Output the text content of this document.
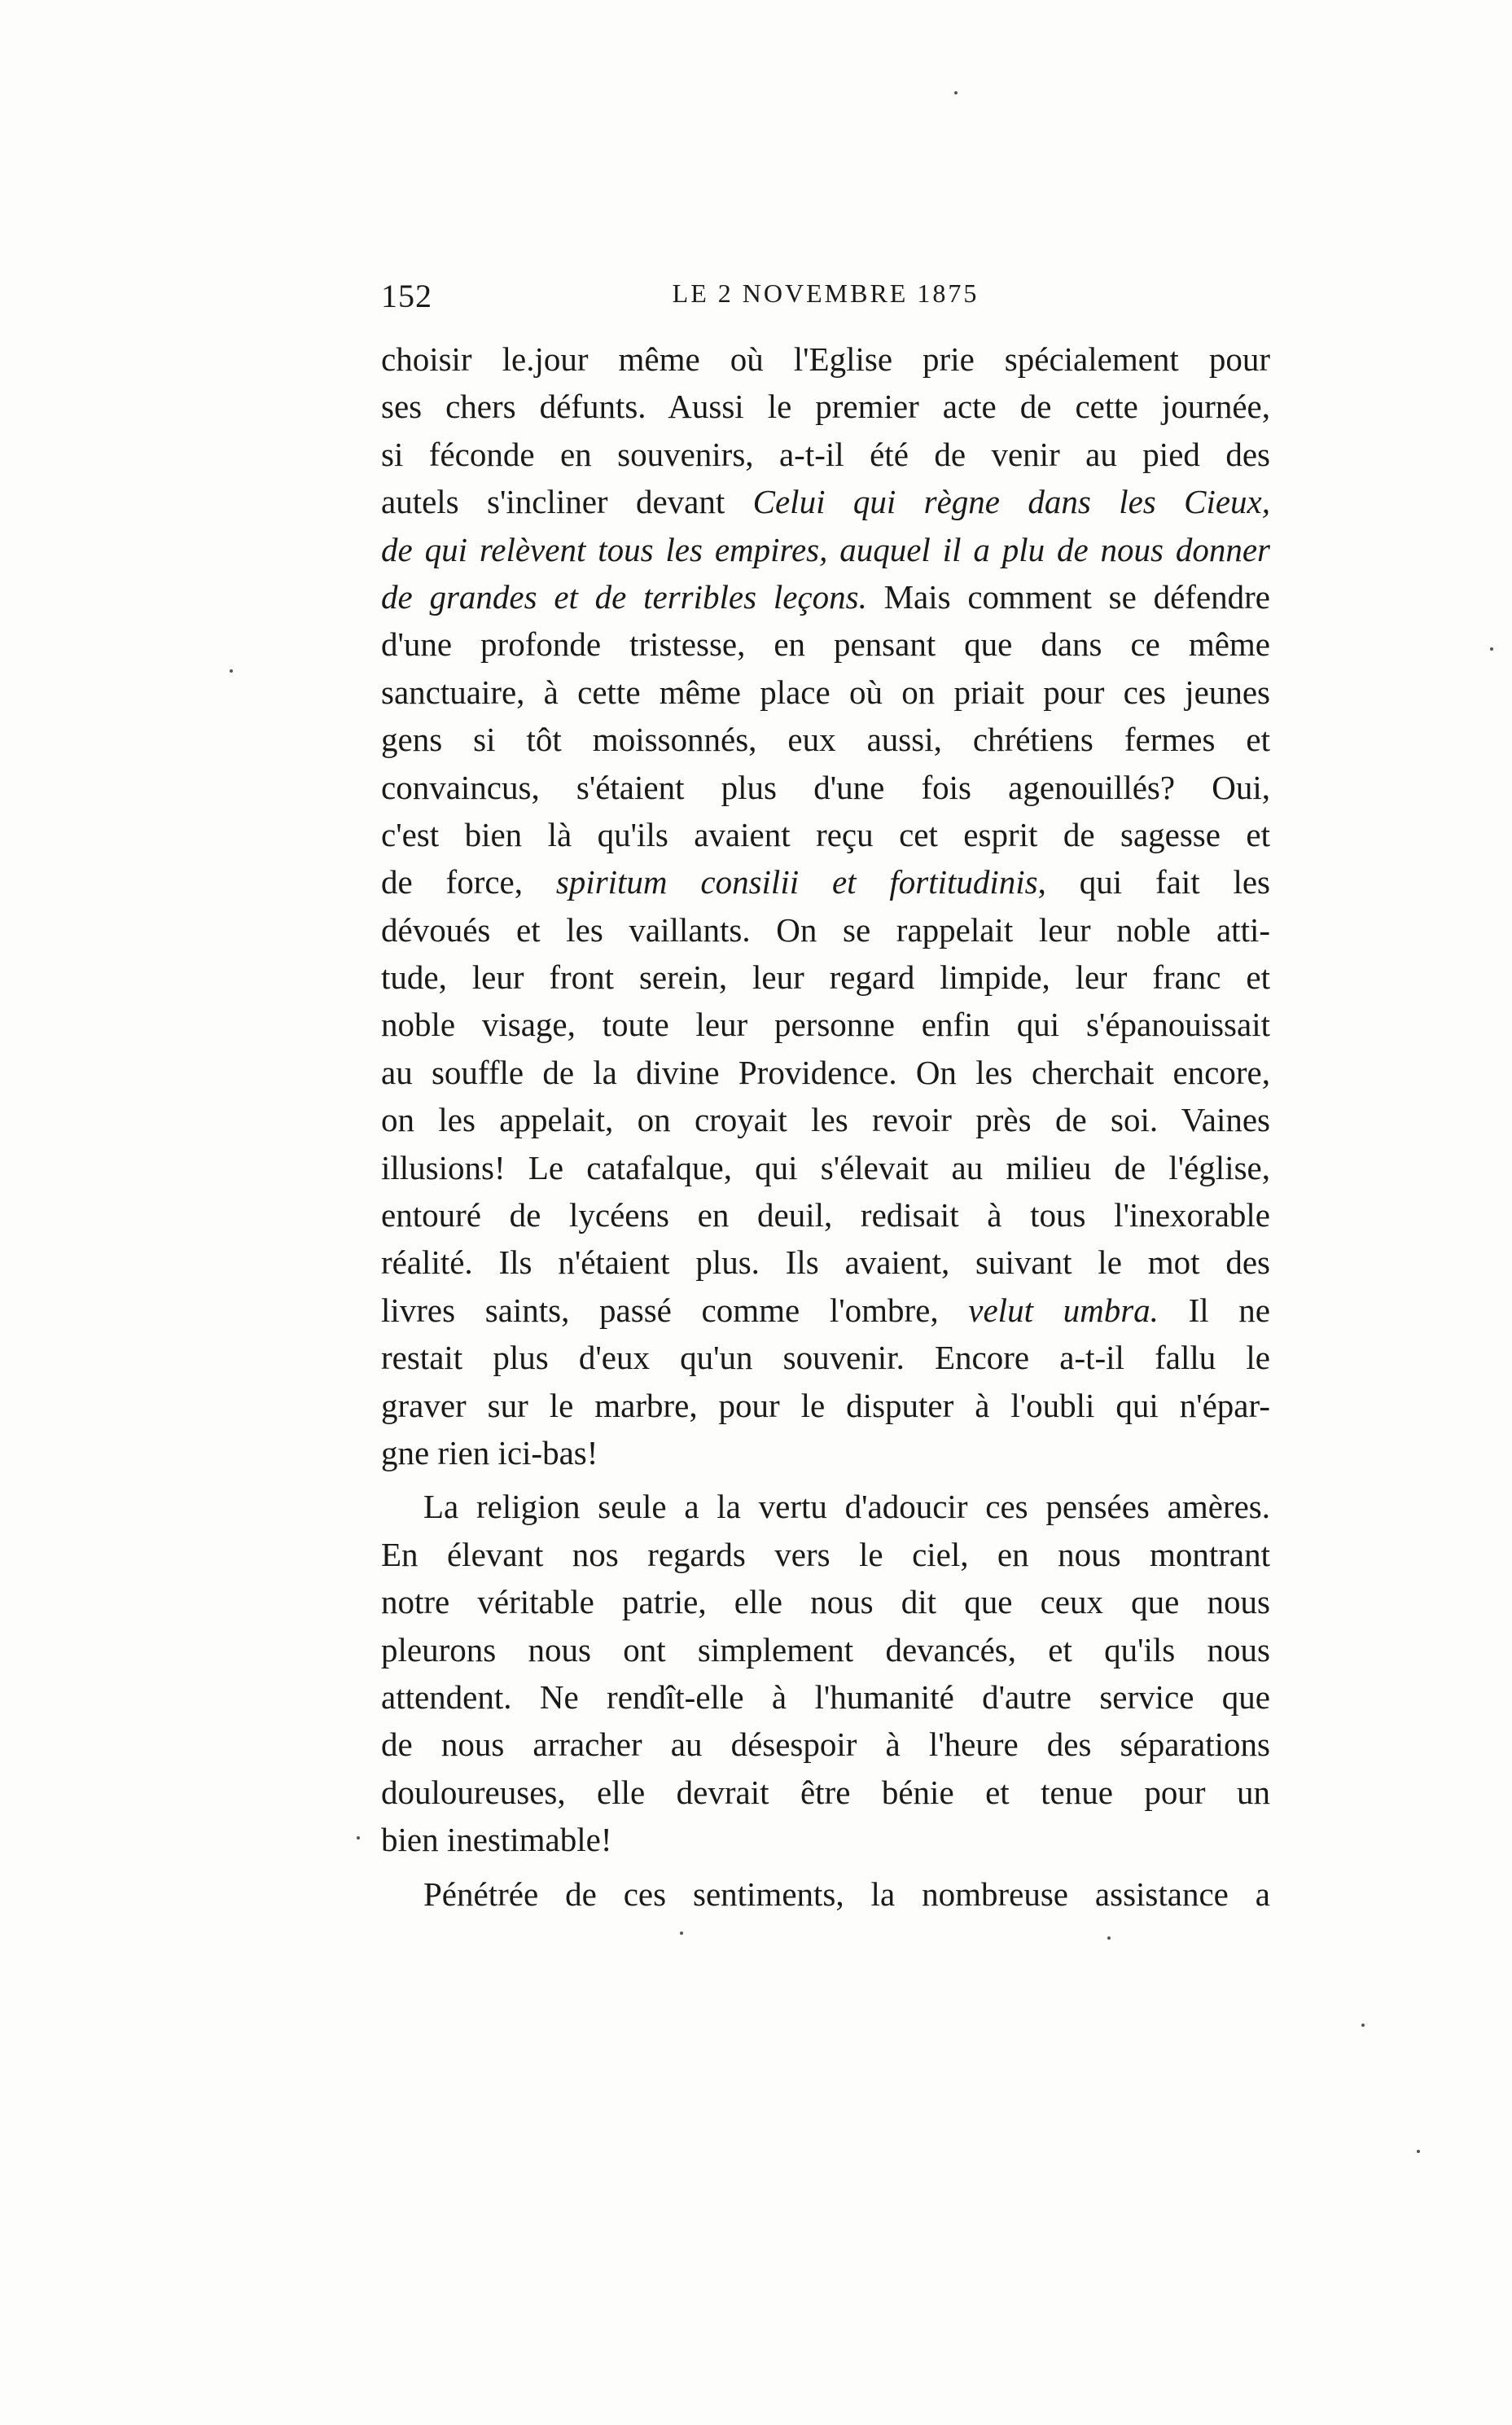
152	LE 2 NOVEMBRE 1875
choisir le.jour même où l'Eglise prie spécialement pour
ses chers défunts. Aussi le premier acte de cette journée,
si féconde en souvenirs, a-t-il été de venir au pied des
autels s'incliner devant Celui qui règne dans les Cieux,
de qui relèvent tous les empires, auquel il a plu de nous donner
de grandes et de terribles leçons. Mais comment se défendre
d'une profonde tristesse, en pensant que dans ce même
sanctuaire, à cette même place où on priait pour ces jeunes
gens si tôt moissonnés, eux aussi, chrétiens fermes et
convaincus, s'étaient plus d'une fois agenouillés? Oui,
c'est bien là qu'ils avaient reçu cet esprit de sagesse et
de force, spiritum consilii et fortitudinis, qui fait les
dévoués et les vaillants. On se rappelait leur noble atti-
tude, leur front serein, leur regard limpide, leur franc et
noble visage, toute leur personne enfin qui s'épanouissait
au souffle de la divine Providence. On les cherchait encore,
on les appelait, on croyait les revoir près de soi. Vaines
illusions! Le catafalque, qui s'élevait au milieu de l'église,
entouré de lycéens en deuil, redisait à tous l'inexorable
réalité. Ils n'étaient plus. Ils avaient, suivant le mot des
livres saints, passé comme l'ombre, velut umbra. Il ne
restait plus d'eux qu'un souvenir. Encore a-t-il fallu le
graver sur le marbre, pour le disputer à l'oubli qui n'épar-
gne rien ici-bas!
La religion seule a la vertu d'adoucir ces pensées amères.
En élevant nos regards vers le ciel, en nous montrant
notre véritable patrie, elle nous dit que ceux que nous
pleurons nous ont simplement devancés, et qu'ils nous
attendent. Ne rendît-elle à l'humanité d'autre service que
de nous arracher au désespoir à l'heure des séparations
douloureuses, elle devrait être bénie et tenue pour un
bien inestimable!
Pénétrée de ces sentiments, la nombreuse assistance a
